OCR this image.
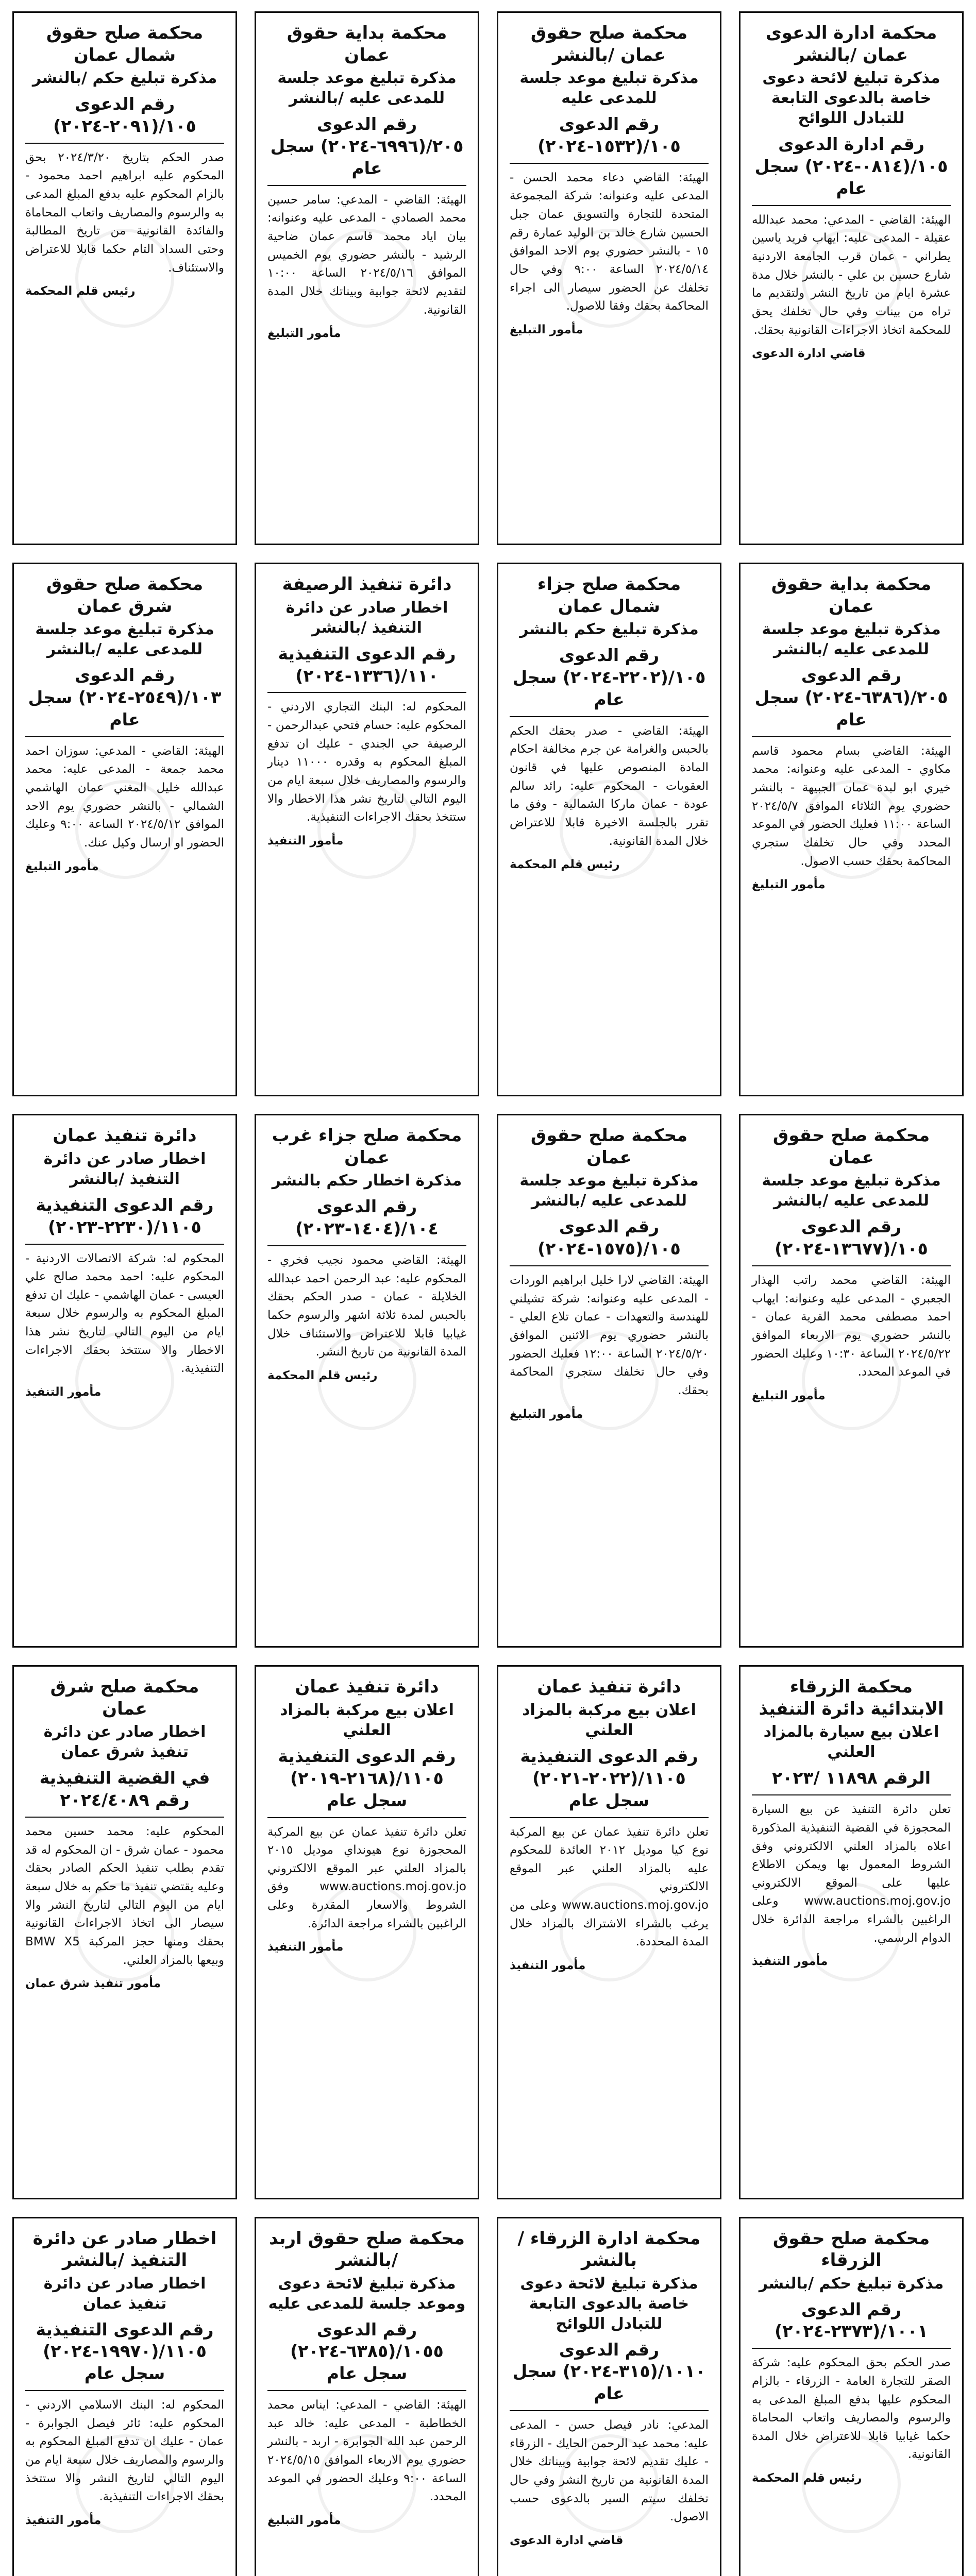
محكمة ادارة الدعوى عمان /بالنشر
مذكرة تبليغ لائحة دعوى خاصة بالدعوى التابعة للتبادل اللوائح
رقم ادارة الدعوى ١٠٥/(٠٨١٤-٢٠٢٤) سجل عام

الهيئة: القاضي - المدعي: محمد عبدالله عقيلة - المدعى عليه: ايهاب فريد ياسين يطراني - عمان قرب الجامعة الاردنية شارع حسين بن علي - بالنشر خلال مدة عشرة ايام من تاريخ النشر ولتقديم ما تراه من بينات وفي حال تخلفك يحق للمحكمة اتخاذ الاجراءات القانونية بحقك.

قاضي ادارة الدعوى
محكمة صلح حقوق عمان /بالنشر
مذكرة تبليغ موعد جلسة للمدعى عليه
رقم الدعوى ١٠٥/(١٥٣٢-٢٠٢٤)

الهيئة: القاضي دعاء محمد الحسن - المدعى عليه وعنوانه: شركة المجموعة المتحدة للتجارة والتسويق عمان جبل الحسين شارع خالد بن الوليد عمارة رقم ١٥ - بالنشر حضوري يوم الاحد الموافق ٢٠٢٤/٥/١٤ الساعة ٩:٠٠ وفي حال تخلفك عن الحضور سيصار الى اجراء المحاكمة بحقك وفقا للاصول.

مأمور التبليغ
محكمة بداية حقوق عمان
مذكرة تبليغ موعد جلسة للمدعى عليه /بالنشر
رقم الدعوى ٢٠٥/(٦٩٩٦-٢٠٢٤) سجل عام

الهيئة: القاضي - المدعي: سامر حسين محمد الصمادي - المدعى عليه وعنوانه: بيان اياد محمد قاسم عمان ضاحية الرشيد - بالنشر حضوري يوم الخميس الموافق ٢٠٢٤/٥/١٦ الساعة ١٠:٠٠ لتقديم لائحة جوابية وبيناتك خلال المدة القانونية.

مأمور التبليغ
محكمة صلح حقوق شمال عمان
مذكرة تبليغ حكم /بالنشر
رقم الدعوى ١٠٥/(٢٠٩١-٢٠٢٤)

صدر الحكم بتاريخ ٢٠٢٤/٣/٢٠ بحق المحكوم عليه ابراهيم احمد محمود - بالزام المحكوم عليه بدفع المبلغ المدعى به والرسوم والمصاريف واتعاب المحاماة والفائدة القانونية من تاريخ المطالبة وحتى السداد التام حكما قابلا للاعتراض والاستئناف.

رئيس قلم المحكمة
محكمة بداية حقوق عمان
مذكرة تبليغ موعد جلسة للمدعى عليه /بالنشر
رقم الدعوى ٢٠٥/(٦٣٨٦-٢٠٢٤) سجل عام

الهيئة: القاضي بسام محمود قاسم مكاوي - المدعى عليه وعنوانه: محمد خيري ابو لبدة عمان الجبيهة - بالنشر حضوري يوم الثلاثاء الموافق ٢٠٢٤/٥/٧ الساعة ١١:٠٠ فعليك الحضور في الموعد المحدد وفي حال تخلفك ستجري المحاكمة بحقك حسب الاصول.

مأمور التبليغ
محكمة صلح جزاء شمال عمان
مذكرة تبليغ حكم بالنشر
رقم الدعوى ١٠٥/(٢٢٠٢-٢٠٢٤) سجل عام

الهيئة: القاضي - صدر بحقك الحكم بالحبس والغرامة عن جرم مخالفة احكام المادة المنصوص عليها في قانون العقوبات - المحكوم عليه: رائد سالم عودة - عمان ماركا الشمالية - وفق ما تقرر بالجلسة الاخيرة قابلا للاعتراض خلال المدة القانونية.

رئيس قلم المحكمة
دائرة تنفيذ الرصيفة
اخطار صادر عن دائرة التنفيذ /بالنشر
رقم الدعوى التنفيذية ١١٠/(١٣٣٦-٢٠٢٤)

المحكوم له: البنك التجاري الاردني - المحكوم عليه: حسام فتحي عبدالرحمن - الرصيفة حي الجندي - عليك ان تدفع المبلغ المحكوم به وقدره ١١٠٠٠ دينار والرسوم والمصاريف خلال سبعة ايام من اليوم التالي لتاريخ نشر هذا الاخطار والا ستتخذ بحقك الاجراءات التنفيذية.

مأمور التنفيذ
محكمة صلح حقوق شرق عمان
مذكرة تبليغ موعد جلسة للمدعى عليه /بالنشر
رقم الدعوى ١٠٣/(٢٥٤٩-٢٠٢٤) سجل عام

الهيئة: القاضي - المدعي: سوزان احمد محمد جمعة - المدعى عليه: محمد عبدالله خليل المغني عمان الهاشمي الشمالي - بالنشر حضوري يوم الاحد الموافق ٢٠٢٤/٥/١٢ الساعة ٩:٠٠ وعليك الحضور او ارسال وكيل عنك.

مأمور التبليغ
محكمة صلح حقوق عمان
مذكرة تبليغ موعد جلسة للمدعى عليه /بالنشر
رقم الدعوى ١٠٥/(١٣٦٧٧-٢٠٢٤)

الهيئة: القاضي محمد راتب الهذار الجعبري - المدعى عليه وعنوانه: ايهاب احمد مصطفى محمد القرية عمان - بالنشر حضوري يوم الاربعاء الموافق ٢٠٢٤/٥/٢٢ الساعة ١٠:٣٠ وعليك الحضور في الموعد المحدد.

مأمور التبليغ
محكمة صلح حقوق عمان
مذكرة تبليغ موعد جلسة للمدعى عليه /بالنشر
رقم الدعوى ١٠٥/(١٥٧٥-٢٠٢٤)

الهيئة: القاضي لارا خليل ابراهيم الوردات - المدعى عليه وعنوانه: شركة تشيلني للهندسة والتعهدات - عمان تلاع العلي - بالنشر حضوري يوم الاثنين الموافق ٢٠٢٤/٥/٢٠ الساعة ١٢:٠٠ فعليك الحضور وفي حال تخلفك ستجري المحاكمة بحقك.

مأمور التبليغ
محكمة صلح جزاء غرب عمان
مذكرة اخطار حكم بالنشر
رقم الدعوى ١٠٤/(١٤٠٤-٢٠٢٣)

الهيئة: القاضي محمود نجيب فخري - المحكوم عليه: عبد الرحمن احمد عبدالله الخلايلة - عمان - صدر الحكم بحقك بالحبس لمدة ثلاثة اشهر والرسوم حكما غيابيا قابلا للاعتراض والاستئناف خلال المدة القانونية من تاريخ النشر.

رئيس قلم المحكمة
دائرة تنفيذ عمان
اخطار صادر عن دائرة التنفيذ /بالنشر
رقم الدعوى التنفيذية ١١٠٥/(٢٢٣٠-٢٠٢٣)

المحكوم له: شركة الاتصالات الاردنية - المحكوم عليه: احمد محمد صالح علي العيسى - عمان الهاشمي - عليك ان تدفع المبلغ المحكوم به والرسوم خلال سبعة ايام من اليوم التالي لتاريخ نشر هذا الاخطار والا ستتخذ بحقك الاجراءات التنفيذية.

مأمور التنفيذ
محكمة الزرقاء الابتدائية دائرة التنفيذ
اعلان بيع سيارة بالمزاد العلني
الرقم ١١٨٩٨ /٢٠٢٣

تعلن دائرة التنفيذ عن بيع السيارة المحجوزة في القضية التنفيذية المذكورة اعلاه بالمزاد العلني الالكتروني وفق الشروط المعمول بها ويمكن الاطلاع عليها على الموقع الالكتروني www.auctions.moj.gov.jo وعلى الراغبين بالشراء مراجعة الدائرة خلال الدوام الرسمي.

مأمور التنفيذ
دائرة تنفيذ عمان
اعلان بيع مركبة بالمزاد العلني
رقم الدعوى التنفيذية ١١٠٥/(٢٠٢٢-٢٠٢١) سجل عام

تعلن دائرة تنفيذ عمان عن بيع المركبة نوع كيا موديل ٢٠١٢ العائدة للمحكوم عليه بالمزاد العلني عبر الموقع الالكتروني www.auctions.moj.gov.jo وعلى من يرغب بالشراء الاشتراك بالمزاد خلال المدة المحددة.

مأمور التنفيذ
دائرة تنفيذ عمان
اعلان بيع مركبة بالمزاد العلني
رقم الدعوى التنفيذية ١١٠٥/(٢١٦٨-٢٠١٩) سجل عام

تعلن دائرة تنفيذ عمان عن بيع المركبة المحجوزة نوع هيونداي موديل ٢٠١٥ بالمزاد العلني عبر الموقع الالكتروني www.auctions.moj.gov.jo وفق الشروط والاسعار المقدرة وعلى الراغبين بالشراء مراجعة الدائرة.

مأمور التنفيذ
محكمة صلح شرق عمان
اخطار صادر عن دائرة تنفيذ شرق عمان
في القضية التنفيذية رقم ٢٠٢٤/٤٠٨٩

المحكوم عليه: محمد حسين محمد محمود - عمان شرق - ان المحكوم له قد تقدم بطلب تنفيذ الحكم الصادر بحقك وعليه يقتضي تنفيذ ما حكم به خلال سبعة ايام من اليوم التالي لتاريخ النشر والا سيصار الى اتخاذ الاجراءات القانونية بحقك ومنها حجز المركبة BMW X5 وبيعها بالمزاد العلني.

مأمور تنفيذ شرق عمان
محكمة صلح حقوق الزرقاء
مذكرة تبليغ حكم /بالنشر
رقم الدعوى ١٠٠١/(٢٣٧٣-٢٠٢٤)

صدر الحكم بحق المحكوم عليه: شركة الصقر للتجارة العامة - الزرقاء - بالزام المحكوم عليها بدفع المبلغ المدعى به والرسوم والمصاريف واتعاب المحاماة حكما غيابيا قابلا للاعتراض خلال المدة القانونية.

رئيس قلم المحكمة
محكمة ادارة الزرقاء /بالنشر
مذكرة تبليغ لائحة دعوى خاصة بالدعوى التابعة للتبادل اللوائح
رقم الدعوى ١٠١٠/(٣١٥-٢٠٢٤) سجل عام

المدعي: نادر فيصل حسن - المدعى عليه: محمد عبد الرحمن الحايك - الزرقاء - عليك تقديم لائحة جوابية وبيناتك خلال المدة القانونية من تاريخ النشر وفي حال تخلفك سيتم السير بالدعوى حسب الاصول.

قاضي ادارة الدعوى
محكمة صلح حقوق اربد /بالنشر
مذكرة تبليغ لائحة دعوى وموعد جلسة للمدعى عليه
رقم الدعوى ١٠٥٥/(٦٣٨٥-٢٠٢٤) سجل عام

الهيئة: القاضي - المدعي: ايناس محمد الخطاطبة - المدعى عليه: خالد عبد الرحمن عبد الله الجوابرة - اربد - بالنشر حضوري يوم الاربعاء الموافق ٢٠٢٤/٥/١٥ الساعة ٩:٠٠ وعليك الحضور في الموعد المحدد.

مأمور التبليغ
اخطار صادر عن دائرة التنفيذ /بالنشر
اخطار صادر عن دائرة تنفيذ عمان
رقم الدعوى التنفيذية ١١٠٥/(١٩٩٧٠-٢٠٢٤) سجل عام

المحكوم له: البنك الاسلامي الاردني - المحكوم عليه: ثائر فيصل الجوابرة - عمان - عليك ان تدفع المبلغ المحكوم به والرسوم والمصاريف خلال سبعة ايام من اليوم التالي لتاريخ النشر والا ستتخذ بحقك الاجراءات التنفيذية.

مأمور التنفيذ
